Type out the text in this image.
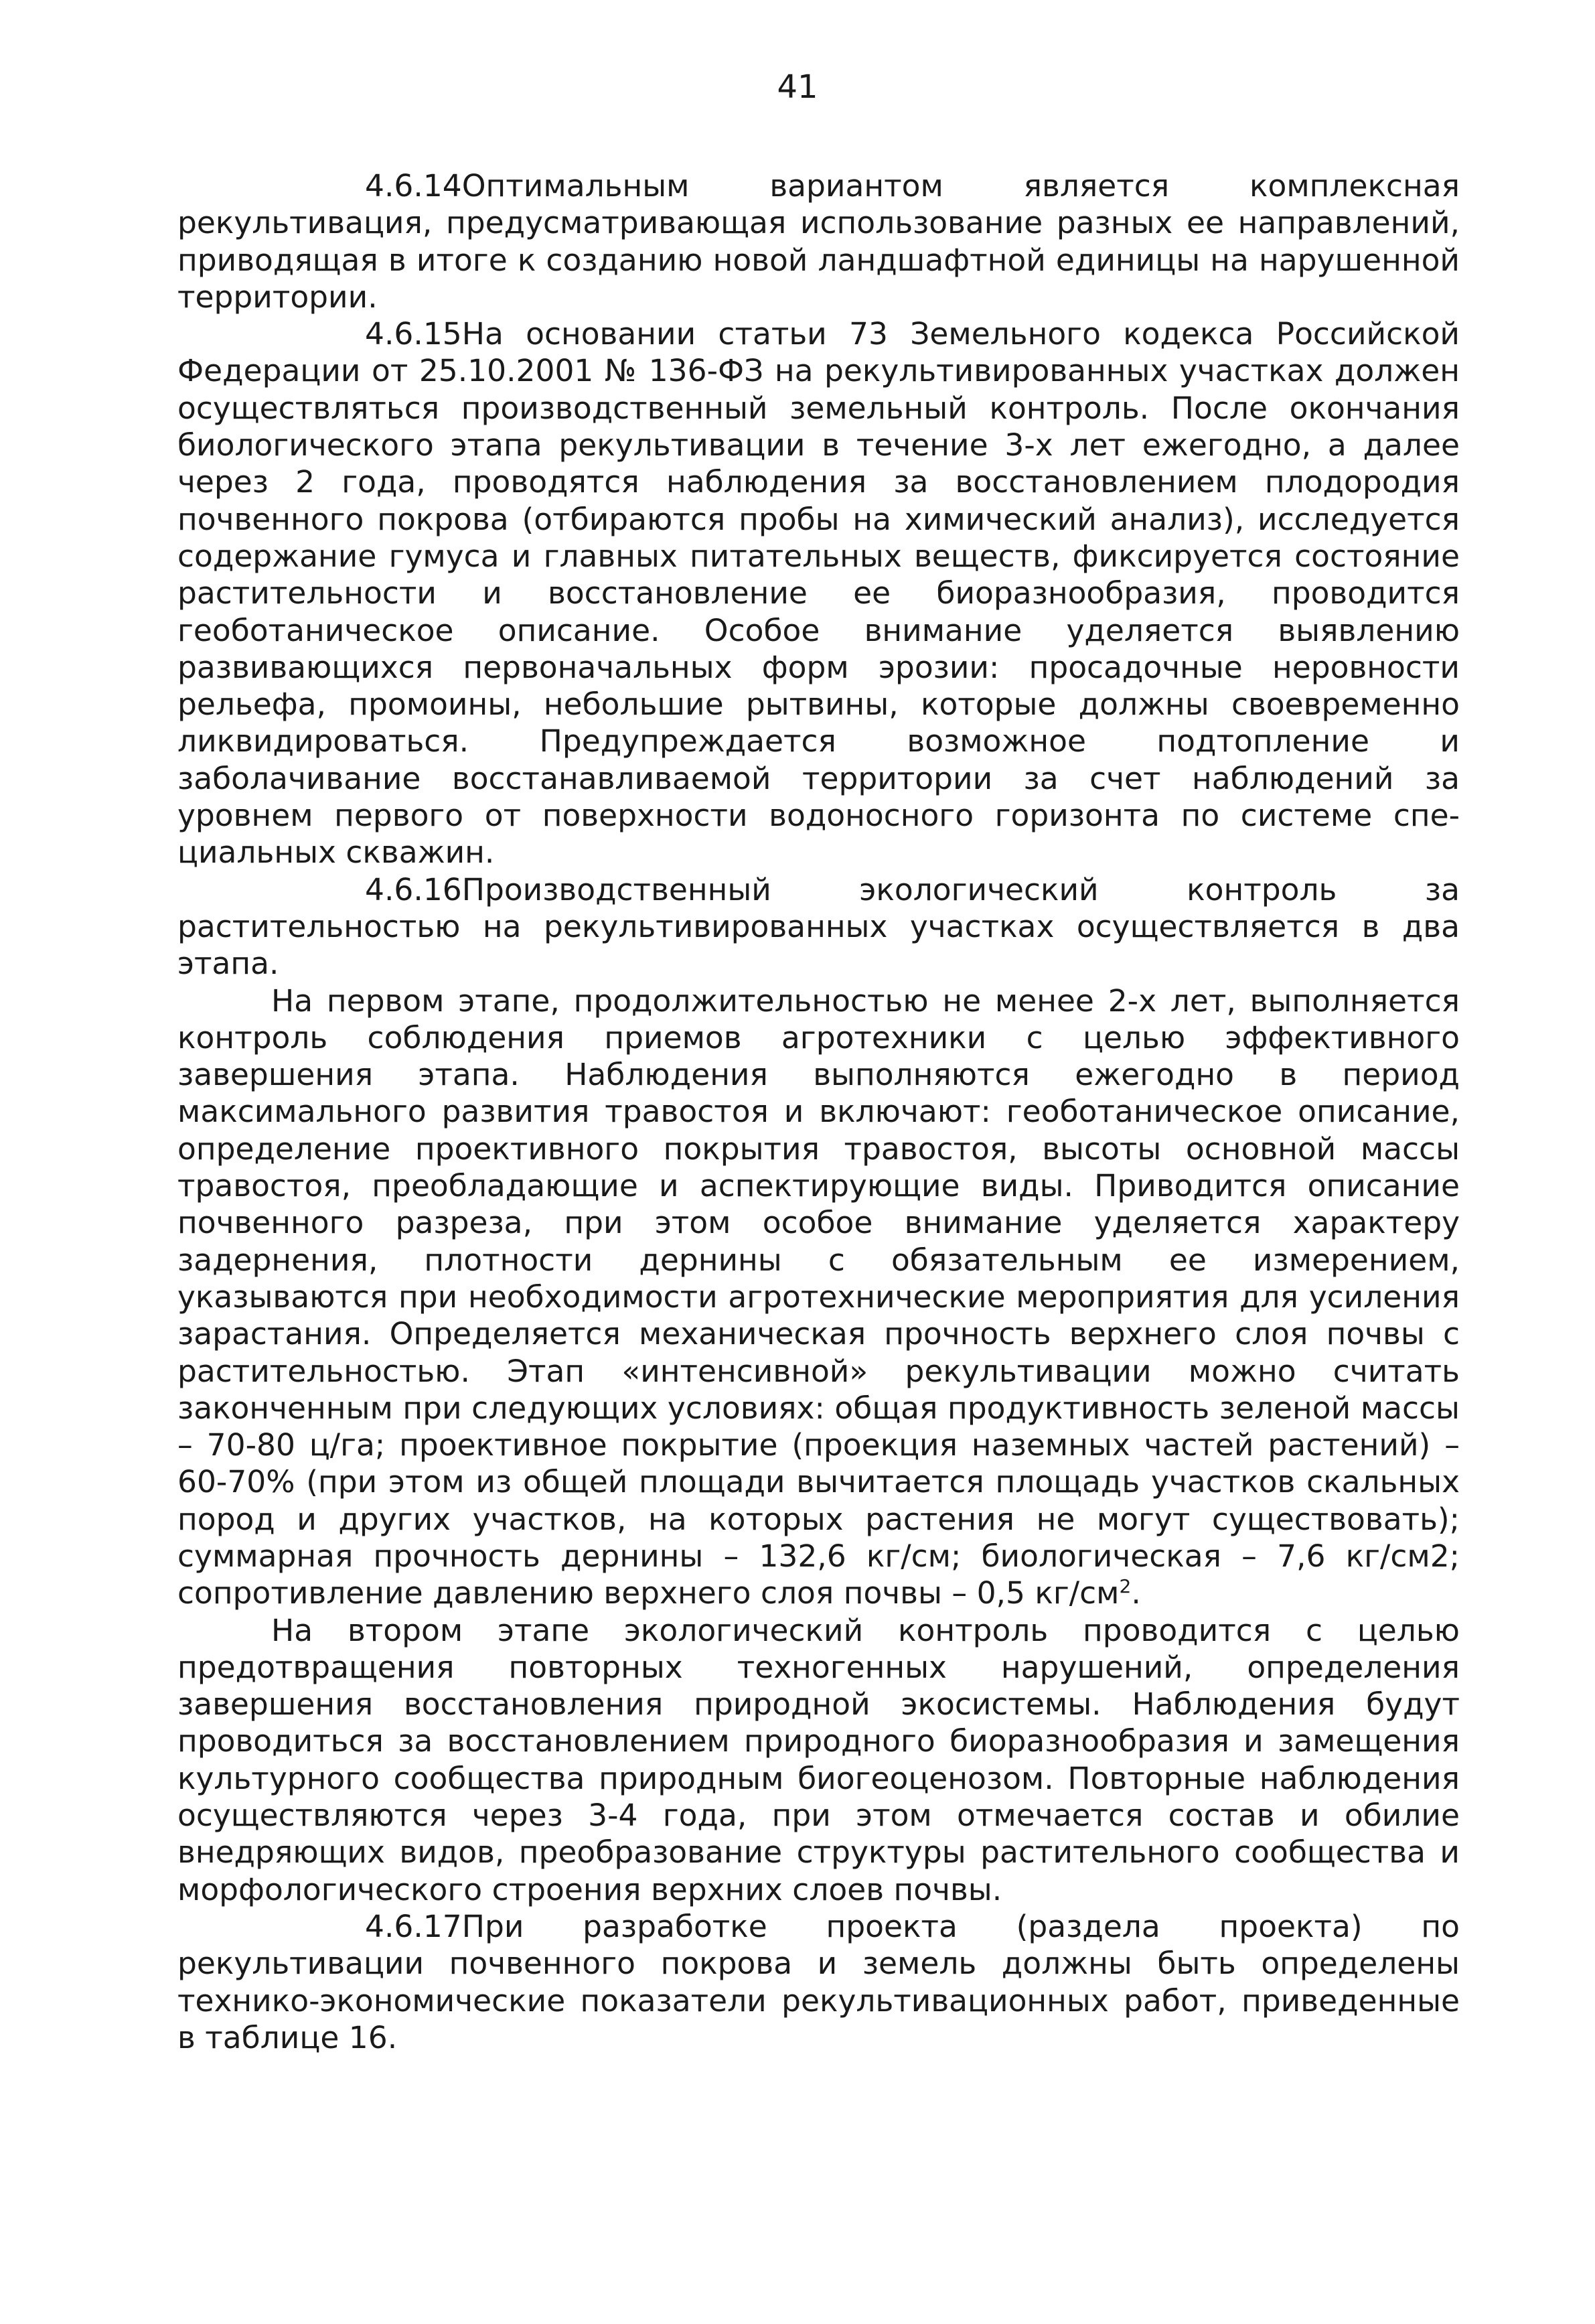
41

4.6.14Оптимальным вариантом является комплексная рекультивация, предусматривающая использование разных ее направлений, приводящая в итоге к созданию новой ландшафтной единицы на нарушенной территории.

4.6.15На основании статьи 73 Земельного кодекса Российской Федерации от 25.10.2001 № 136-ФЗ на рекультивированных участках должен осуществляться производственный земельный контроль. После окончания биологического этапа рекультивации в течение 3-х лет ежегодно, а далее через 2 года, проводятся наблюдения за восстановлением плодородия почвенного покрова (отбираются пробы на химический анализ), исследуется содержание гумуса и главных питательных веществ, фиксируется состояние растительности и восстановление ее биоразнообразия, проводится геоботаническое описание. Особое внимание уделяется выявлению развивающихся первоначальных форм эрозии: просадочные неровности рельефа, промоины, небольшие рытвины, которые должны своевременно ликвидироваться. Предупреждается возможное подтопление и заболачивание восстанавливаемой территории за счет наблюдений за уровнем первого от поверхности водоносного горизонта по системе специальных скважин.

4.6.16Производственный экологический контроль за растительностью на рекультивированных участках осуществляется в два этапа.

На первом этапе, продолжительностью не менее 2-х лет, выполняется контроль соблюдения приемов агротехники с целью эффективного завершения этапа. Наблюдения выполняются ежегодно в период максимального развития травостоя и включают: геоботаническое описание, определение проективного покрытия травостоя, высоты основной массы травостоя, преобладающие и аспектирующие виды. Приводится описание почвенного разреза, при этом особое внимание уделяется характеру задернения, плотности дернины с обязательным ее измерением, указываются при необходимости агротехнические мероприятия для усиления зарастания. Определяется механическая прочность верхнего слоя почвы с растительностью. Этап «интенсивной» рекультивации можно считать законченным при следующих условиях: общая продуктивность зеленой массы – 70-80 ц/га; проективное покрытие (проекция наземных частей растений) – 60-70% (при этом из общей площади вычитается площадь участков скальных пород и других участков, на которых растения не могут существовать); суммарная прочность дернины – 132,6 кг/см; биологическая – 7,6 кг/см2; сопротивление давлению верхнего слоя почвы – 0,5 $кг/см^2$.

На втором этапе экологический контроль проводится с целью предотвращения повторных техногенных нарушений, определения завершения восстановления природной экосистемы. Наблюдения будут проводиться за восстановлением природного биоразнообразия и замещения культурного сообщества природным биогеоценозом. Повторные наблюдения осуществляются через 3-4 года, при этом отмечается состав и обилие внедряющих видов, преобразование структуры растительного сообщества и морфологического строения верхних слоев почвы.

4.6.17При разработке проекта (раздела проекта) по рекультивации почвенного покрова и земель должны быть определены технико-экономические показатели рекультивационных работ, приведенные в таблице 16.
